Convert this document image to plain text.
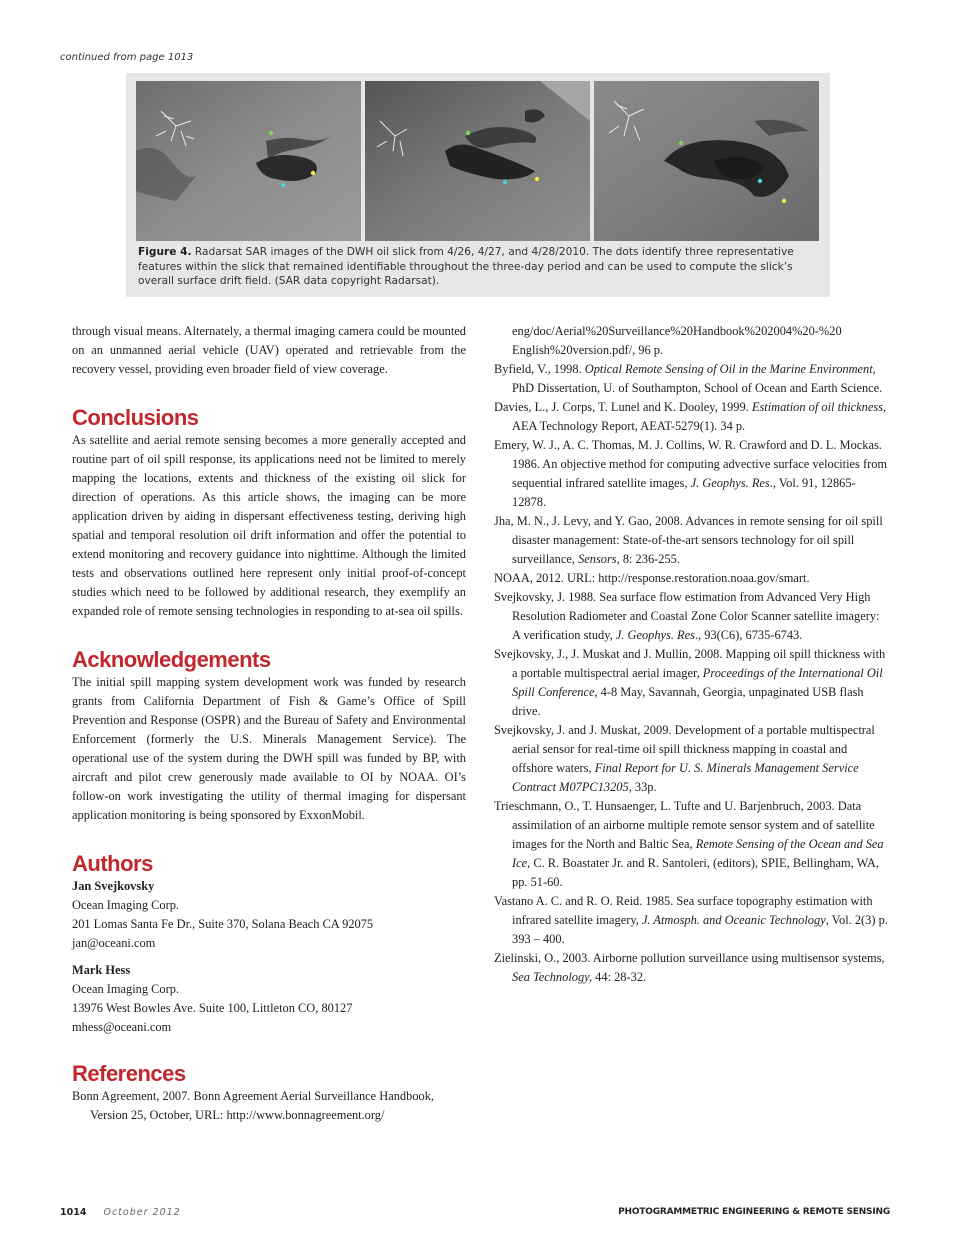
continued from page 1013
Figure 4. Radarsat SAR images of the DWH oil slick from 4/26, 4/27, and 4/28/2010. The dots identify three representative features within the slick that remained identifiable throughout the three-day period and can be used to compute the slick’s overall surface drift field. (SAR data copyright Radarsat).

through visual means. Alternately, a thermal imaging camera could be mounted on an unmanned aerial vehicle (UAV) operated and retrievable from the recovery vessel, providing even broader field of view coverage.

Conclusions

As satellite and aerial remote sensing becomes a more generally accepted and routine part of oil spill response, its applications need not be limited to merely mapping the locations, extents and thickness of the existing oil slick for direction of operations. As this article shows, the imaging can be more application driven by aiding in dispersant effectiveness testing, deriving high spatial and temporal resolution oil drift information and offer the potential to extend monitoring and recovery guidance into nighttime. Although the limited tests and observations outlined here represent only initial proof-of-concept studies which need to be followed by additional research, they exemplify an expanded role of remote sensing technologies in responding to at-sea oil spills.

Acknowledgements

The initial spill mapping system development work was funded by research grants from California Department of Fish & Game’s Office of Spill Prevention and Response (OSPR) and the Bureau of Safety and Environmental Enforcement (formerly the U.S. Minerals Management Service). The operational use of the system during the DWH spill was funded by BP, with aircraft and pilot crew generously made available to OI by NOAA. OI’s follow-on work investigating the utility of thermal imaging for dispersant application monitoring is being sponsored by ExxonMobil.

Authors

Jan Svejkovsky

Ocean Imaging Corp.

201 Lomas Santa Fe Dr., Suite 370, Solana Beach CA 92075

jan@oceani.com

Mark Hess

Ocean Imaging Corp.

13976 West Bowles Ave. Suite 100, Littleton CO, 80127

mhess@oceani.com

References

Bonn Agreement, 2007. Bonn Agreement Aerial Surveillance Handbook, Version 25, October, URL: http://www.bonnagreement.org/

eng/doc/Aerial%20Surveillance%20Handbook%202004%20-%20 English%20version.pdf/, 96 p.

Byfield, V., 1998. Optical Remote Sensing of Oil in the Marine Environment, PhD Dissertation, U. of Southampton, School of Ocean and Earth Science.

Davies, L., J. Corps, T. Lunel and K. Dooley, 1999. Estimation of oil thickness, AEA Technology Report, AEAT-5279(1). 34 p.

Emery, W. J., A. C. Thomas, M. J. Collins, W. R. Crawford and D. L. Mockas. 1986. An objective method for computing advective surface velocities from sequential infrared satellite images, J. Geophys. Res., Vol. 91, 12865- 12878.

Jha, M. N., J. Levy, and Y. Gao, 2008. Advances in remote sensing for oil spill disaster management: State-of-the-art sensors technology for oil spill surveillance, Sensors, 8: 236-255.

NOAA, 2012. URL: http://response.restoration.noaa.gov/smart.

Svejkovsky, J. 1988. Sea surface flow estimation from Advanced Very High Resolution Radiometer and Coastal Zone Color Scanner satellite imagery: A verification study, J. Geophys. Res., 93(C6), 6735-6743.

Svejkovsky, J., J. Muskat and J. Mullin, 2008. Mapping oil spill thickness with a portable multispectral aerial imager, Proceedings of the International Oil Spill Conference, 4-8 May, Savannah, Georgia, unpaginated USB flash drive.

Svejkovsky, J. and J. Muskat, 2009. Development of a portable multispectral aerial sensor for real-time oil spill thickness mapping in coastal and offshore waters, Final Report for U. S. Minerals Management Service Contract M07PC13205, 33p.

Trieschmann, O., T. Hunsaenger, L. Tufte and U. Barjenbruch, 2003. Data assimilation of an airborne multiple remote sensor system and of satellite images for the North and Baltic Sea, Remote Sensing of the Ocean and Sea Ice, C. R. Boastater Jr. and R. Santoleri, (editors), SPIE, Bellingham, WA, pp. 51-60.

Vastano A. C. and R. O. Reid. 1985. Sea surface topography estimation with infrared satellite imagery, J. Atmosph. and Oceanic Technology, Vol. 2(3) p. 393 – 400.

Zielinski, O., 2003. Airborne pollution surveillance using multisensor systems, Sea Technology, 44: 28-32.

1014 October 2012	PHOTOGRAMMETRIC ENGINEERING & REMOTE SENSING
